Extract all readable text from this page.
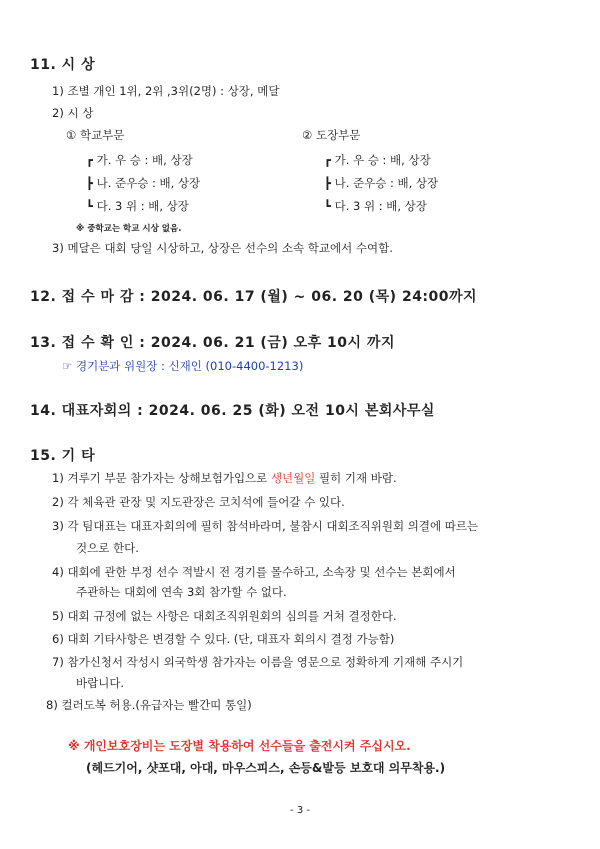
11. 시 상
1) 조별 개인 1위, 2위 ,3위(2명) : 상장, 메달
2) 시 상
① 학교부문	② 도장부문
┏ 가. 우 승 : 배, 상장
┣ 나. 준우승 : 배, 상장
┗ 다. 3 위 : 배, 상장
┏ 가. 우 승 : 배, 상장
┣ 나. 준우승 : 배, 상장
┗ 다. 3 위 : 배, 상장
※ 중학교는 학교 시상 없음.
3) 메달은 대회 당일 시상하고, 상장은 선수의 소속 학교에서 수여함.
12. 접 수 마 감 : 2024. 06. 17 (월) ~ 06. 20 (목) 24:00까지
13. 접 수 확 인 : 2024. 06. 21 (금) 오후 10시 까지
☞ 경기분과 위원장 : 신재인 (010-4400-1213)
14. 대표자회의 : 2024. 06. 25 (화) 오전 10시 본회사무실
15. 기 타
1) 겨루기 부문 참가자는 상해보험가입으로 생년월일 필히 기재 바람.
2) 각 체육관 관장 및 지도관장은 코치석에 들어갈 수 있다.
3) 각 팀대표는 대표자회의에 필히 참석바라며, 불참시 대회조직위원회 의결에 따르는
것으로 한다.
4) 대회에 관한 부정 선수 적발시 전 경기를 몰수하고, 소속장 및 선수는 본회에서
주관하는 대회에 연속 3회 참가할 수 없다.
5) 대회 규정에 없는 사항은 대회조직위원회의 심의를 거쳐 결정한다.
6) 대회 기타사항은 변경할 수 있다. (단, 대표자 회의시 결정 가능함)
7) 참가신청서 작성시 외국학생 참가자는 이름을 영문으로 정확하게 기재해 주시기
바랍니다.
8) 컬러도복 허용.(유급자는 빨간띠 통일)
※ 개인보호장비는 도장별 착용하여 선수들을 출전시켜 주십시오.
(헤드기어, 샷포대, 아대, 마우스피스, 손등&발등 보호대 의무착용.)
- 3 -
